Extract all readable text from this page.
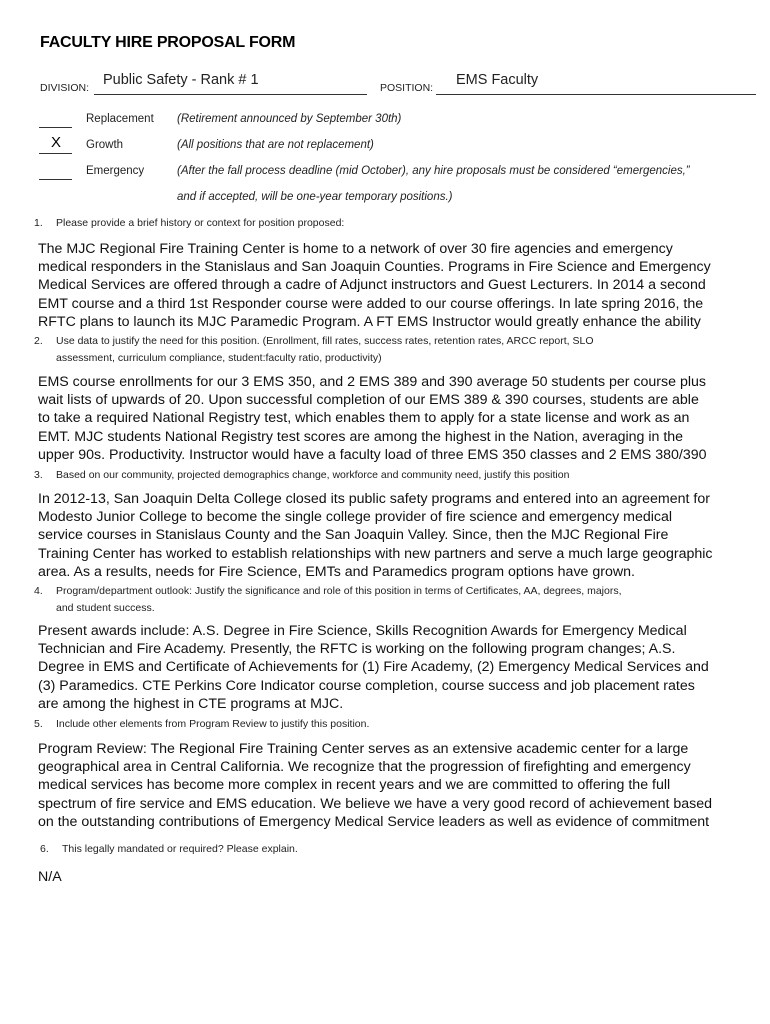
FACULTY HIRE PROPOSAL FORM
DIVISION: Public Safety - Rank # 1	POSITION: EMS Faculty
Replacement (Retirement announced by September 30th)
X Growth	(All positions that are not replacement)
Emergency	(After the fall process deadline (mid October), any hire proposals must be considered “emergencies,”
and if accepted, will be one-year temporary positions.)
1. Please provide a brief history or context for position proposed:
The MJC Regional Fire Training Center is home to a network of over 30 fire agencies and emergency
medical responders in the Stanislaus and San Joaquin Counties. Programs in Fire Science and Emergency
Medical Services are offered through a cadre of Adjunct instructors and Guest Lecturers. In 2014 a second
EMT course and a third 1st Responder course were added to our course offerings. In late spring 2016, the
RFTC plans to launch its MJC Paramedic Program. A FT EMS Instructor would greatly enhance the ability
2. Use data to justify the need for this position. (Enrollment, fill rates, success rates, retention rates, ARCC report, SLO
assessment, curriculum compliance, student:faculty ratio, productivity)
EMS course enrollments for our 3 EMS 350, and 2 EMS 389 and 390 average 50 students per course plus
wait lists of upwards of 20. Upon successful completion of our EMS 389 & 390 courses, students are able
to take a required National Registry test, which enables them to apply for a state license and work as an
EMT. MJC students National Registry test scores are among the highest in the Nation, averaging in the
upper 90s. Productivity. Instructor would have a faculty load of three EMS 350 classes and 2 EMS 380/390
3. Based on our community, projected demographics change, workforce and community need, justify this position
In 2012-13, San Joaquin Delta College closed its public safety programs and entered into an agreement for
Modesto Junior College to become the single college provider of fire science and emergency medical
service courses in Stanislaus County and the San Joaquin Valley. Since, then the MJC Regional Fire
Training Center has worked to establish relationships with new partners and serve a much large geographic
area. As a results, needs for Fire Science, EMTs and Paramedics program options have grown.
4. Program/department outlook: Justify the significance and role of this position in terms of Certificates, AA, degrees, majors,
and student success.
Present awards include: A.S. Degree in Fire Science, Skills Recognition Awards for Emergency Medical
Technician and Fire Academy. Presently, the RFTC is working on the following program changes; A.S.
Degree in EMS and Certificate of Achievements for (1) Fire Academy, (2) Emergency Medical Services and
(3) Paramedics. CTE Perkins Core Indicator course completion, course success and job placement rates
are among the highest in CTE programs at MJC.
5. Include other elements from Program Review to justify this position.
Program Review: The Regional Fire Training Center serves as an extensive academic center for a large
geographical area in Central California. We recognize that the progression of firefighting and emergency
medical services has become more complex in recent years and we are committed to offering the full
spectrum of fire service and EMS education. We believe we have a very good record of achievement based
on the outstanding contributions of Emergency Medical Service leaders as well as evidence of commitment
6. This legally mandated or required? Please explain.
N/A
